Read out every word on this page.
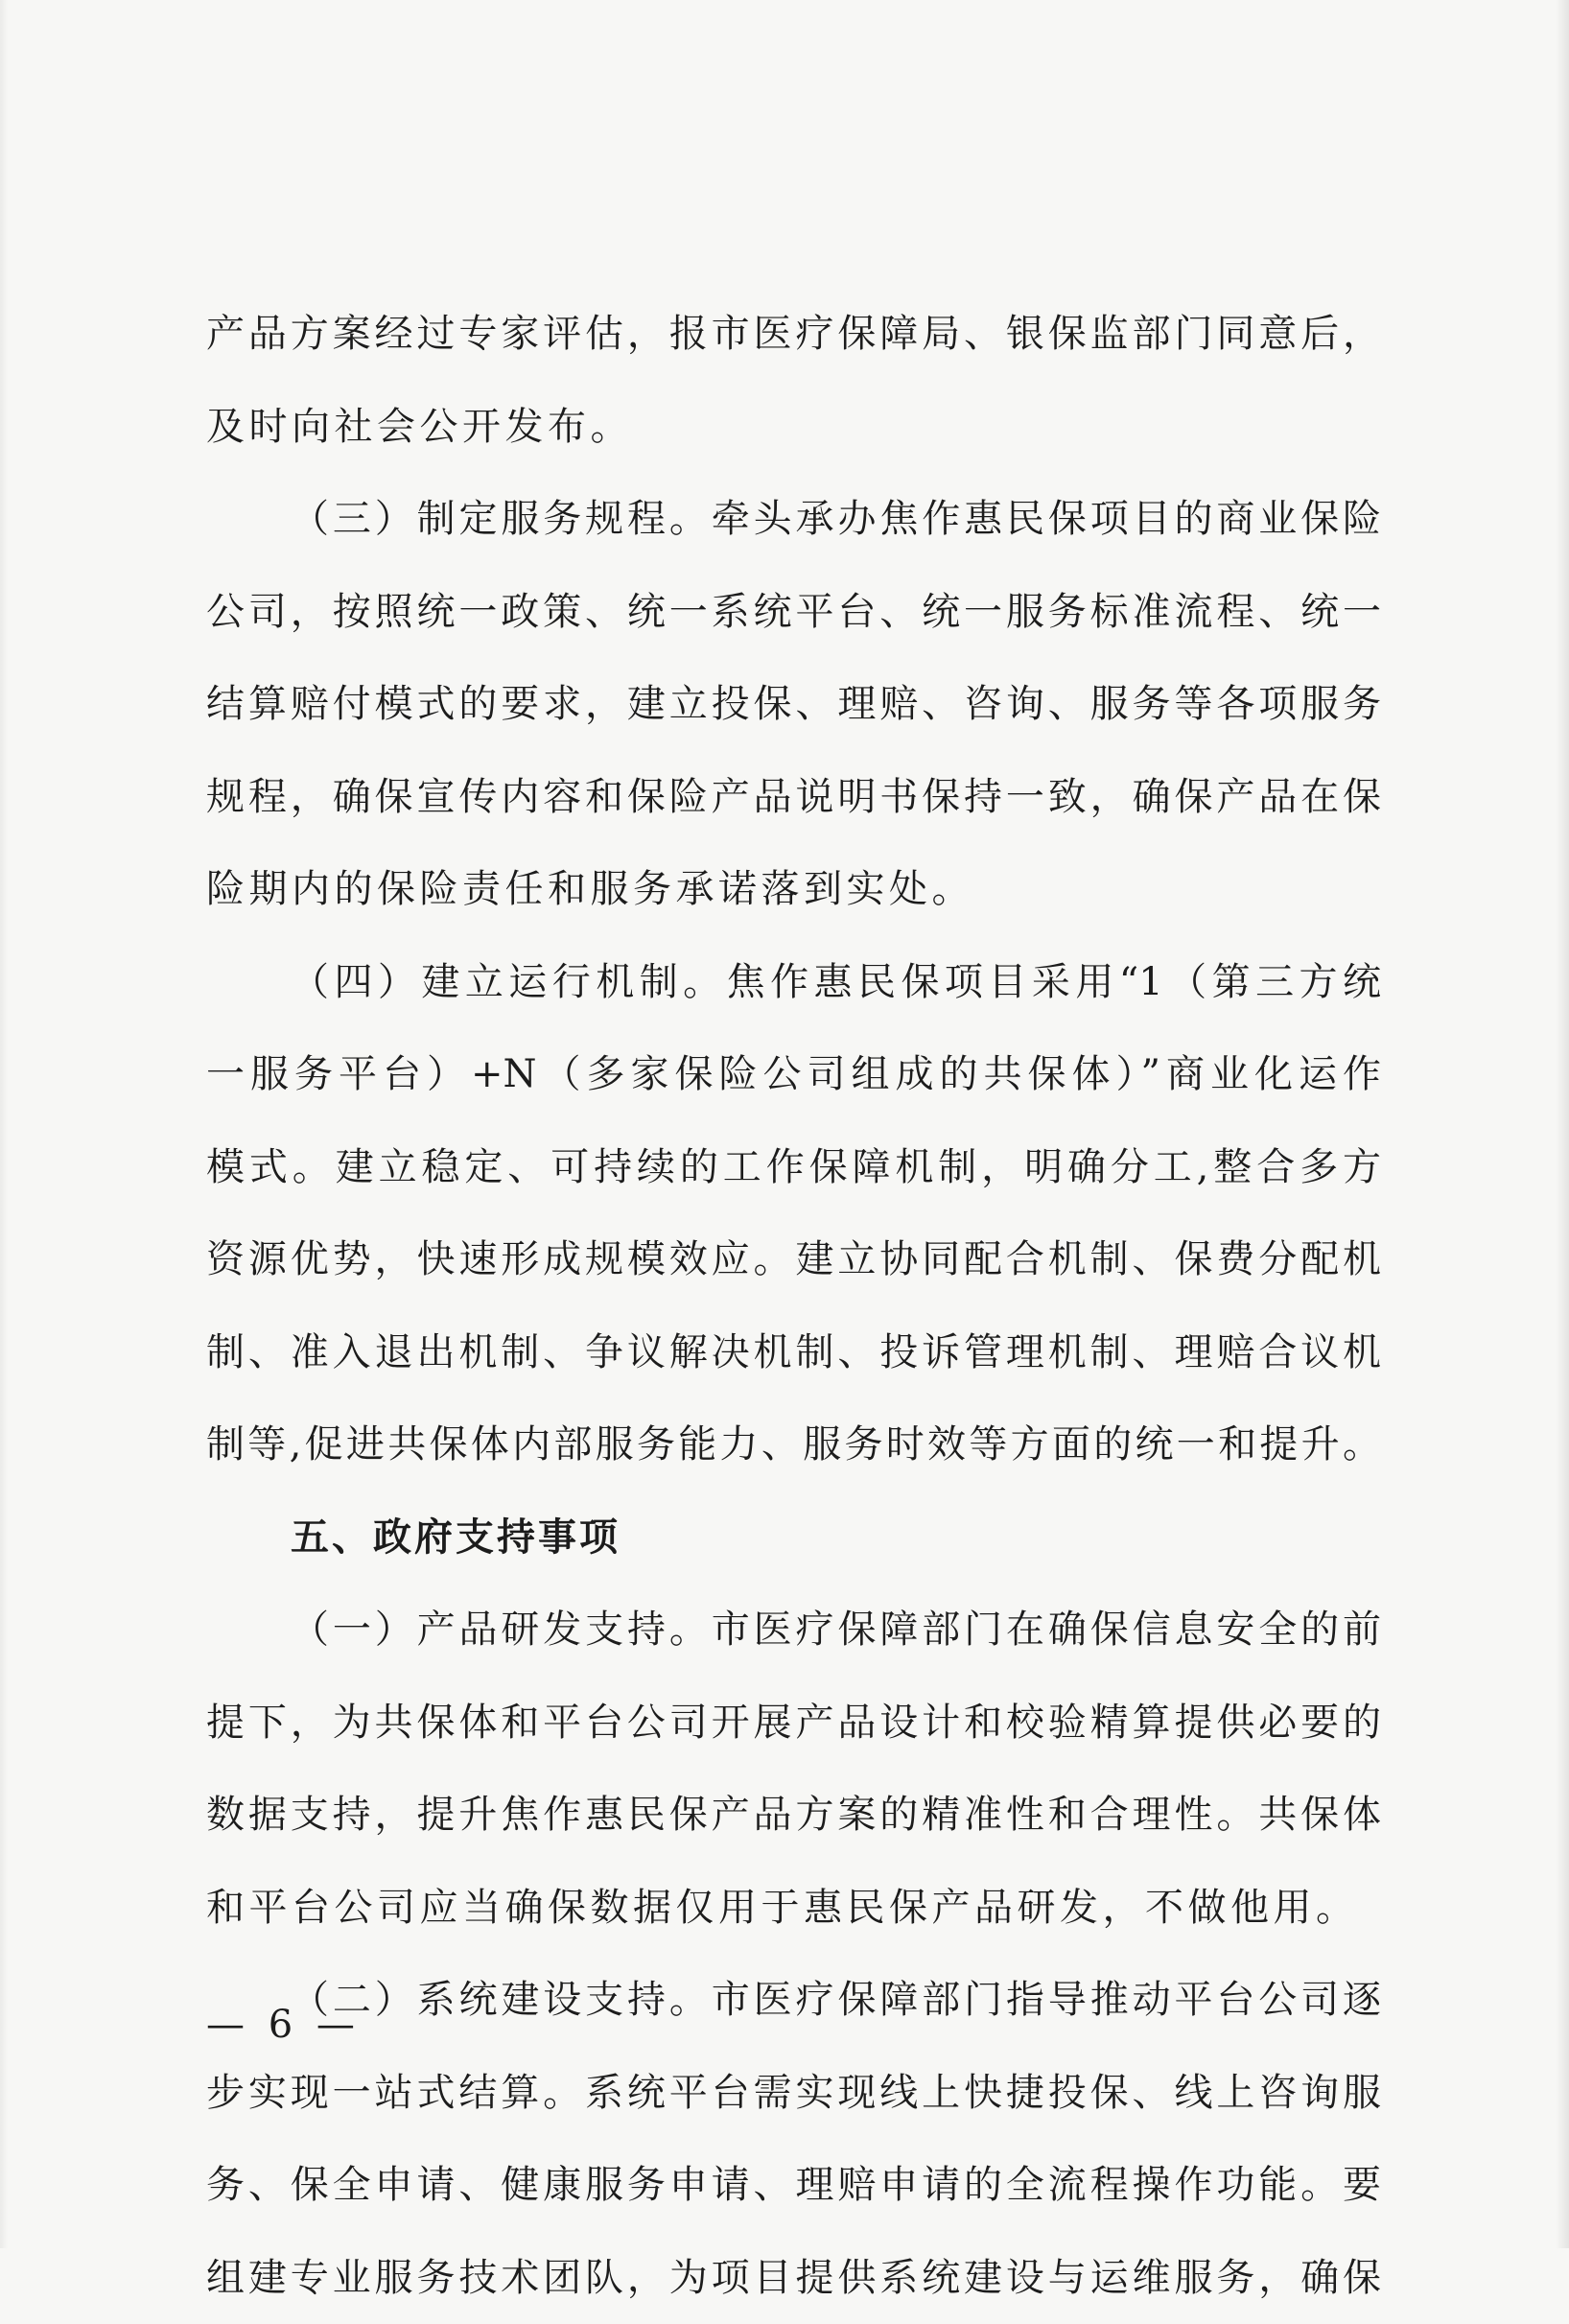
产品方案经过专家评估，报市医疗保障局、银保监部门同意后，
及时向社会公开发布。
（三）制定服务规程。牵头承办焦作惠民保项目的商业保险
公司，按照统一政策、统一系统平台、统一服务标准流程、统一
结算赔付模式的要求，建立投保、理赔、咨询、服务等各项服务
规程，确保宣传内容和保险产品说明书保持一致，确保产品在保
险期内的保险责任和服务承诺落到实处。
（四）建立运行机制。焦作惠民保项目采用“1（第三方统
一服务平台）+N（多家保险公司组成的共保体）”商业化运作
模式。建立稳定、可持续的工作保障机制，明确分工,整合多方
资源优势，快速形成规模效应。建立协同配合机制、保费分配机
制、准入退出机制、争议解决机制、投诉管理机制、理赔合议机
制等,促进共保体内部服务能力、服务时效等方面的统一和提升。
五、政府支持事项
（一）产品研发支持。市医疗保障部门在确保信息安全的前
提下，为共保体和平台公司开展产品设计和校验精算提供必要的
数据支持，提升焦作惠民保产品方案的精准性和合理性。共保体
和平台公司应当确保数据仅用于惠民保产品研发，不做他用。
（二）系统建设支持。市医疗保障部门指导推动平台公司逐
步实现一站式结算。系统平台需实现线上快捷投保、线上咨询服
务、保全申请、健康服务申请、理赔申请的全流程操作功能。要
组建专业服务技术团队，为项目提供系统建设与运维服务，确保
— 6 —
